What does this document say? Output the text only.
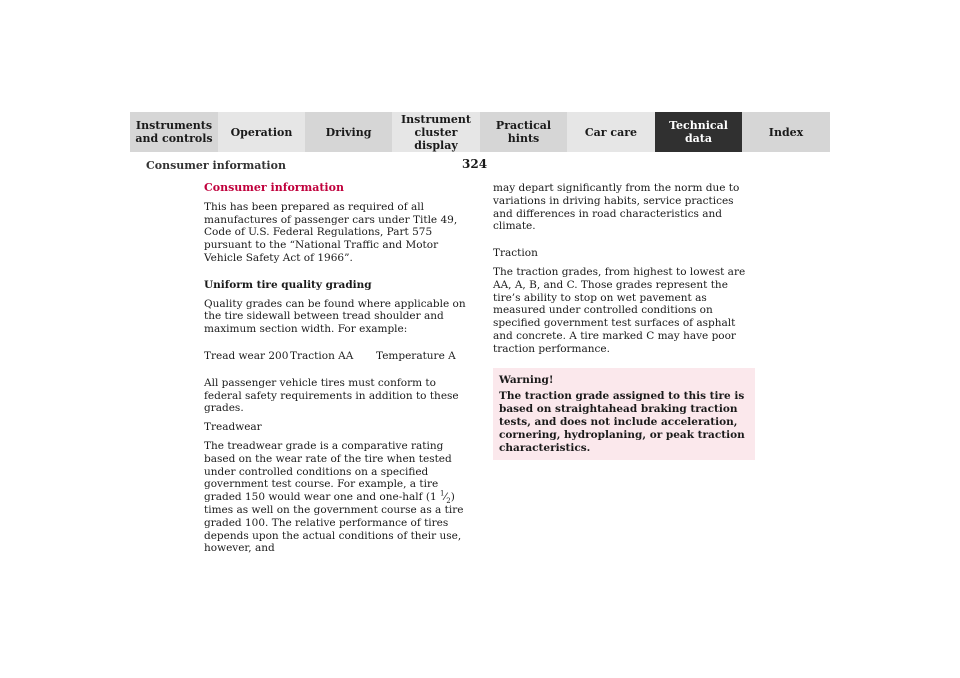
Instruments
and controls Operation	Driving
Instrument
cluster display
Practical hints	Car care	Technical
data	Index
Consumer information	324
Consumer information
This has been prepared as required of all manufactures of passenger cars under Title 49, Code of U.S. Federal Regulations, Part 575 pursuant to the “National Traffic and Motor Vehicle Safety Act of 1966”.
Uniform tire quality grading
Quality grades can be found where applicable on the tire sidewall between tread shoulder and maximum section width. For example:
Tread wear 200 Traction AA	Temperature A
All passenger vehicle tires must conform to federal safety requirements in addition to these grades.
Treadwear
The treadwear grade is a comparative rating based on the wear rate of the tire when tested under controlled conditions on a specified government test course. For example, a tire graded 150 would wear one and one-half (1 $^1⁄_2$) times as well on the government course as a tire graded 100. The relative performance of tires depends upon the actual conditions of their use, however, and
may depart significantly from the norm due to variations in driving habits, service practices and differences in road characteristics and climate.
Traction
The traction grades, from highest to lowest are AA, A, B, and C. Those grades represent the tire’s ability to stop on wet pavement as measured under controlled conditions on specified government test surfaces of asphalt and concrete. A tire marked C may have poor traction performance.
Warning!
The traction grade assigned to this tire is based on straightahead braking traction tests, and does not include acceleration, cornering, hydroplaning, or peak traction characteristics.
